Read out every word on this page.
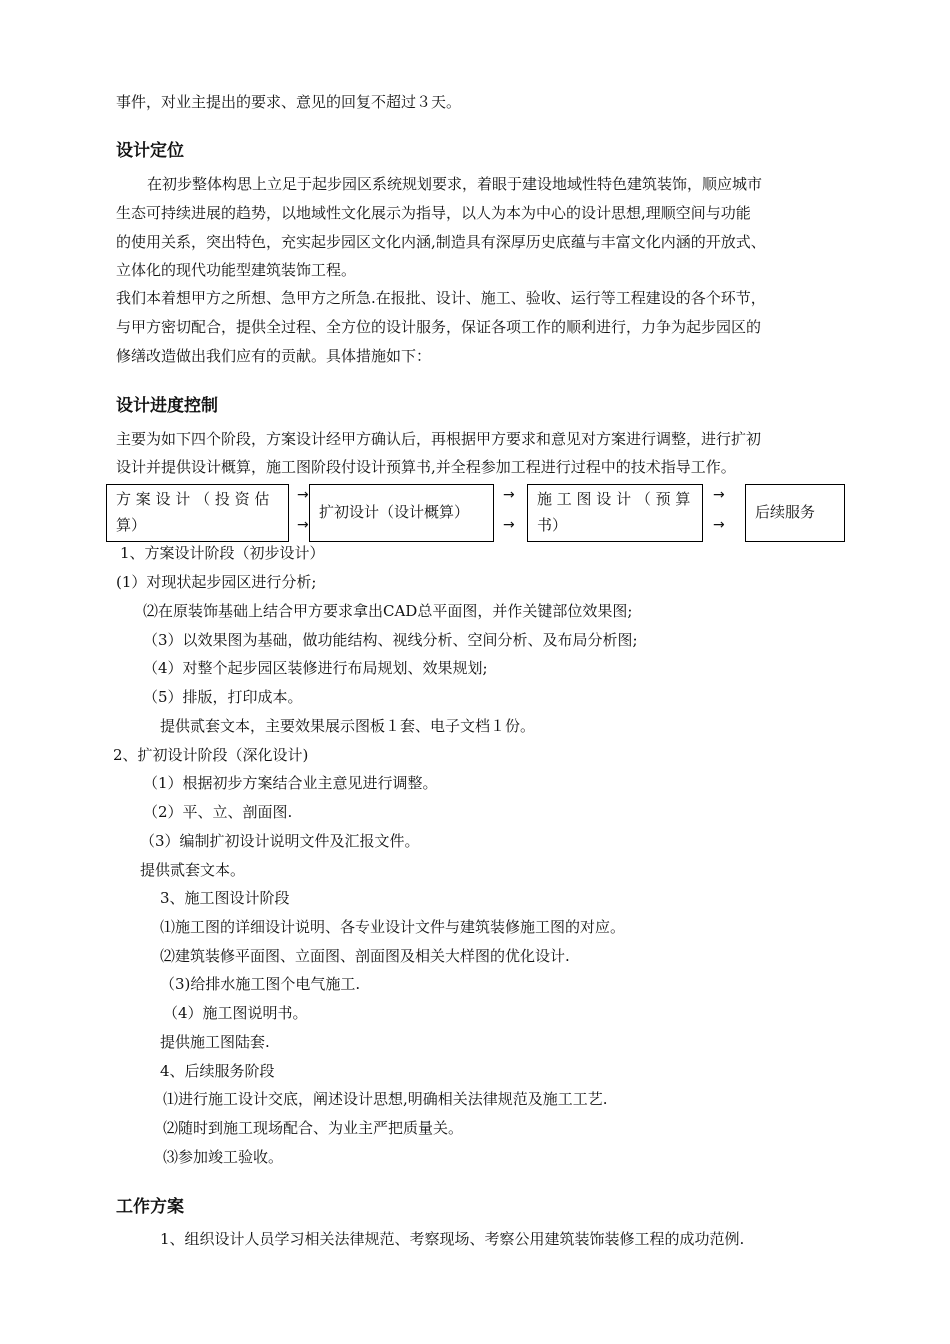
事件，对业主提出的要求、意见的回复不超过３天。
设计定位
在初步整体构思上立足于起步园区系统规划要求，着眼于建设地域性特色建筑装饰，顺应城市
生态可持续进展的趋势，以地域性文化展示为指导，以人为本为中心的设计思想,理顺空间与功能
的使用关系，突出特色，充实起步园区文化内涵,制造具有深厚历史底蕴与丰富文化内涵的开放式、
立体化的现代功能型建筑装饰工程。
我们本着想甲方之所想、急甲方之所急.在报批、设计、施工、验收、运行等工程建设的各个环节，
与甲方密切配合，提供全过程、全方位的设计服务，保证各项工作的顺利进行，力争为起步园区的
修缮改造做出我们应有的贡献。具体措施如下：
设计进度控制
主要为如下四个阶段，方案设计经甲方确认后，再根据甲方要求和意见对方案进行调整，进行扩初
设计并提供设计概算，施工图阶段付设计预算书,并全程参加工程进行过程中的技术指导工作。
方 案 设 计 （ 投 资 估
算）
→
→
扩初设计（设计概算）
→
→
施 工 图 设 计 （ 预 算
书）
→
→
后续服务
1、方案设计阶段（初步设计）
(1）对现状起步园区进行分析;
⑵在原装饰基础上结合甲方要求拿出CAD总平面图，并作关键部位效果图;
（3）以效果图为基础，做功能结构、视线分析、空间分析、及布局分析图;
（4）对整个起步园区装修进行布局规划、效果规划;
（5）排版，打印成本。
提供贰套文本，主要效果展示图板１套、电子文档１份。
2、扩初设计阶段（深化设计)
（1）根据初步方案结合业主意见进行调整。
（2）平、立、剖面图.
（3）编制扩初设计说明文件及汇报文件。
提供贰套文本。
3、施工图设计阶段
⑴施工图的详细设计说明、各专业设计文件与建筑装修施工图的对应。
⑵建筑装修平面图、立面图、剖面图及相关大样图的优化设计.
（3)给排水施工图个电气施工.
（4）施工图说明书。
提供施工图陆套.
4、后续服务阶段
⑴进行施工设计交底，阐述设计思想,明确相关法律规范及施工工艺.
⑵随时到施工现场配合、为业主严把质量关。
⑶参加竣工验收。
工作方案
1、组织设计人员学习相关法律规范、考察现场、考察公用建筑装饰装修工程的成功范例.
